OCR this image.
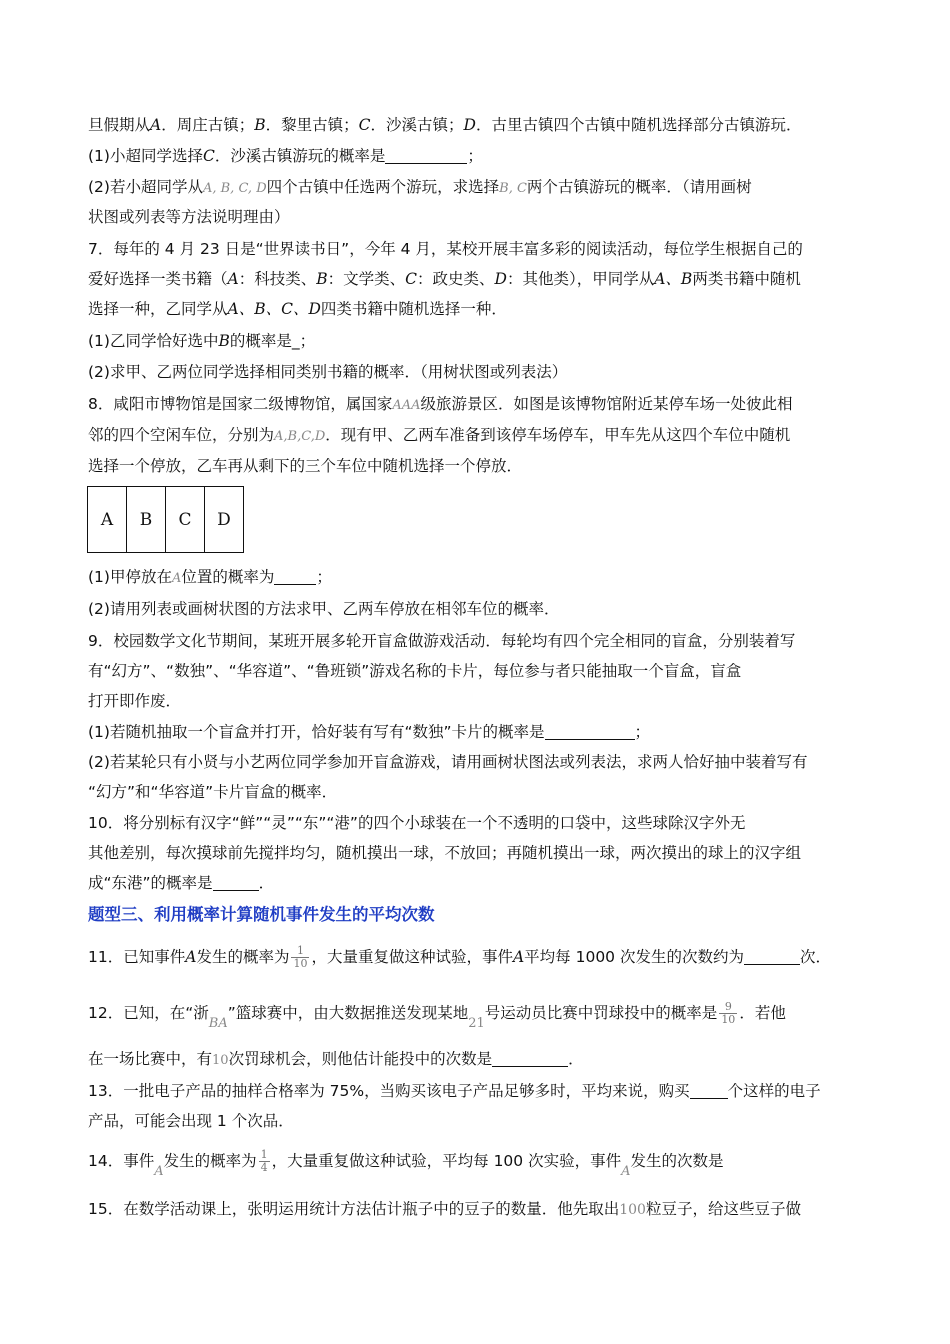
旦假期从A．周庄古镇；B．黎里古镇；C．沙溪古镇；D．古里古镇四个古镇中随机选择部分古镇游玩．
(1)小超同学选择C．沙溪古镇游玩的概率是	；
(2)若小超同学从A, B, C, D四个古镇中任选两个游玩，求选择B, C两个古镇游玩的概率．（请用画树
状图或列表等方法说明理由）
7．每年的 4 月 23 日是“世界读书日”，今年 4 月，某校开展丰富多彩的阅读活动，每位学生根据自己的
爱好选择一类书籍（A：科技类、B：文学类、C：政史类、D：其他类），甲同学从A、B两类书籍中随机
选择一种，乙同学从A、B、C、D四类书籍中随机选择一种．
(1)乙同学恰好选中B的概率是_；
(2)求甲、乙两位同学选择相同类别书籍的概率．（用树状图或列表法）
8．咸阳市博物馆是国家二级博物馆，属国家AAA级旅游景区．如图是该博物馆附近某停车场一处彼此相
邻的四个空闲车位，分别为A,B,C,D．现有甲、乙两车准备到该停车场停车，甲车先从这四个车位中随机
选择一个停放，乙车再从剩下的三个车位中随机选择一个停放．
A	B	C	D
(1)甲停放在A位置的概率为	；
(2)请用列表或画树状图的方法求甲、乙两车停放在相邻车位的概率．
9．校园数学文化节期间，某班开展多轮开盲盒做游戏活动．每轮均有四个完全相同的盲盒，分别装着写
有“幻方”、“数独”、“华容道”、“鲁班锁”游戏名称的卡片，每位参与者只能抽取一个盲盒，盲盒
打开即作废．
(1)若随机抽取一个盲盒并打开，恰好装有写有“数独”卡片的概率是	；
(2)若某轮只有小贤与小艺两位同学参加开盲盒游戏，请用画树状图法或列表法，求两人恰好抽中装着写有
“幻方”和“华容道”卡片盲盒的概率．
10．将分别标有汉字“鲜”“灵”“东”“港”的四个小球装在一个不透明的口袋中，这些球除汉字外无
其他差别，每次摸球前先搅拌均匀，随机摸出一球，不放回；再随机摸出一球，两次摸出的球上的汉字组
成“东港”的概率是	．
题型三、利用概率计算随机事件发生的平均次数
11．已知事件A发生的概率为 $\frac{1}{10}$ ，大量重复做这种试验，事件A平均每 1000 次发生的次数约为	次．
12．已知，在“浙$_{BA}$”篮球赛中，由大数据推送发现某地$_{21}$号运动员比赛中罚球投中的概率是 $\frac{9}{10}$ ．若他
在一场比赛中，有10次罚球机会，则他估计能投中的次数是	．
13．一批电子产品的抽样合格率为 75%，当购买该电子产品足够多时，平均来说，购买 个这样的电子
产品，可能会出现 1 个次品．
14．事件$_A$发生的概率为 $\frac{1}{4}$ ，大量重复做这种试验，平均每 100 次实验，事件$_A$发生的次数是
15．在数学活动课上，张明运用统计方法估计瓶子中的豆子的数量．他先取出100粒豆子，给这些豆子做
